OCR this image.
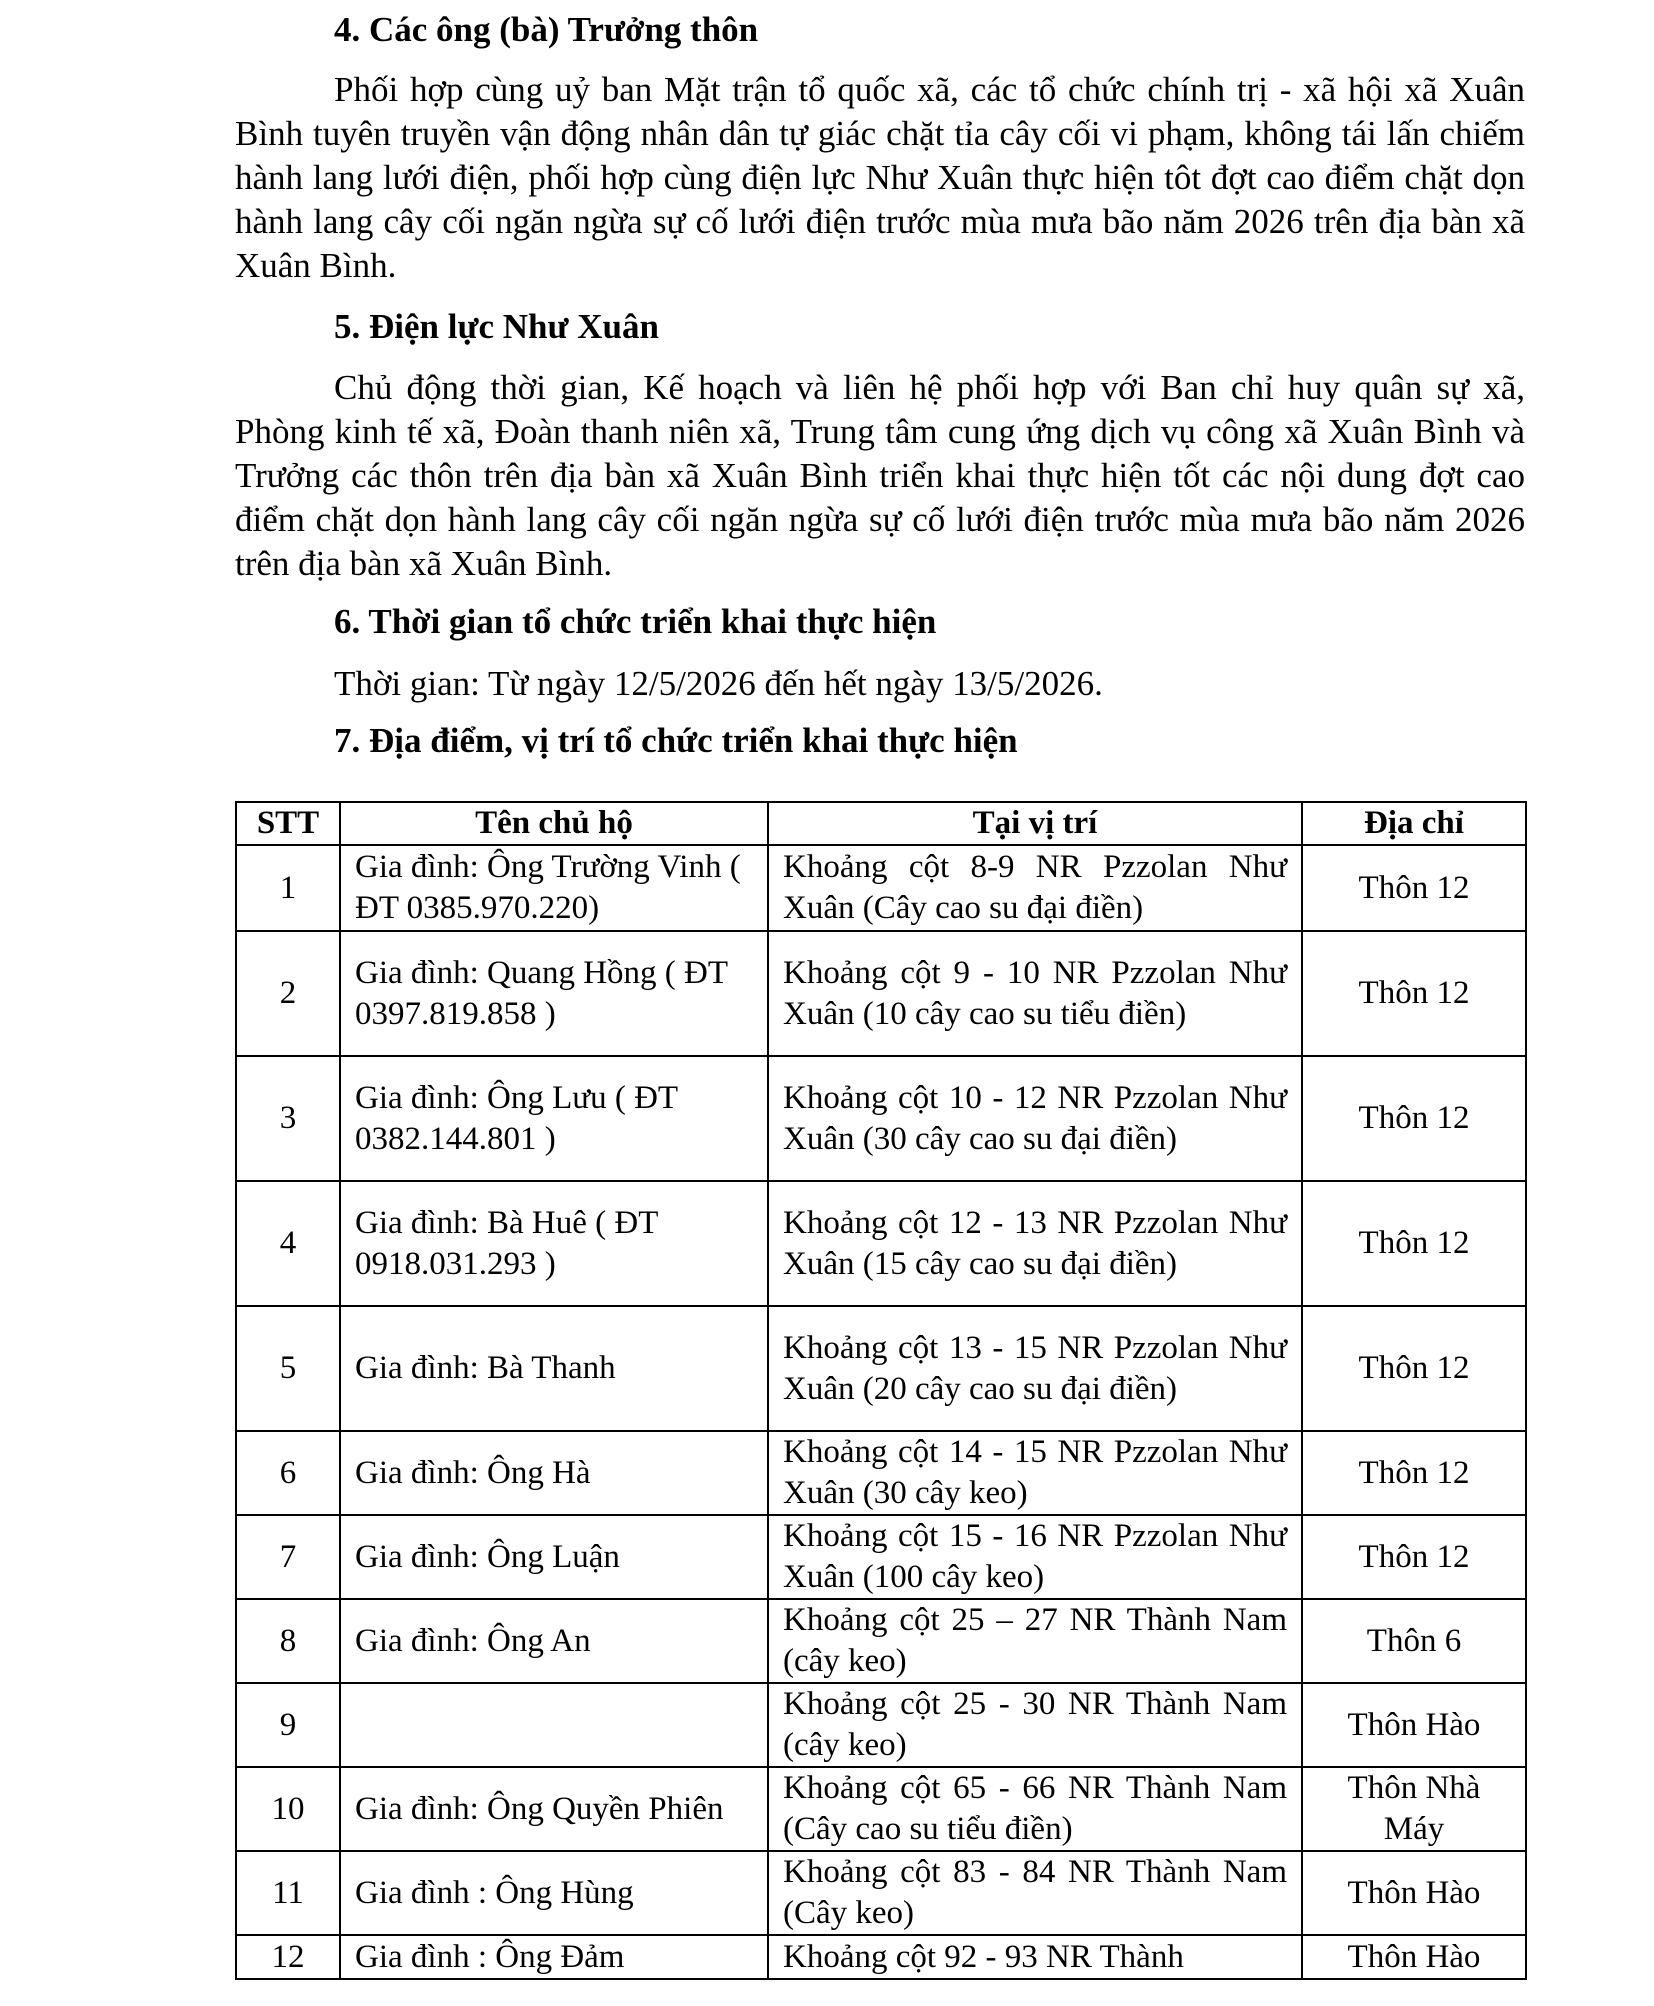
4. Các ông (bà) Trưởng thôn

Phối hợp cùng uỷ ban Mặt trận tổ quốc xã, các tổ chức chính trị - xã hội xã Xuân Bình tuyên truyền vận động nhân dân tự giác chặt tỉa cây cối vi phạm, không tái lấn chiếm hành lang lưới điện, phối hợp cùng điện lực Như Xuân thực hiện tôt đợt cao điểm chặt dọn hành lang cây cối ngăn ngừa sự cố lưới điện trước mùa mưa bão năm 2026 trên địa bàn xã Xuân Bình.

5. Điện lực Như Xuân

Chủ động thời gian, Kế hoạch và liên hệ phối hợp với Ban chỉ huy quân sự xã, Phòng kinh tế xã, Đoàn thanh niên xã, Trung tâm cung ứng dịch vụ công xã Xuân Bình và Trưởng các thôn trên địa bàn xã Xuân Bình triển khai thực hiện tốt các nội dung đợt cao điểm chặt dọn hành lang cây cối ngăn ngừa sự cố lưới điện trước mùa mưa bão năm 2026 trên địa bàn xã Xuân Bình.

6. Thời gian tổ chức triển khai thực hiện

Thời gian: Từ ngày 12/5/2026 đến hết ngày 13/5/2026.

7. Địa điểm, vị trí tổ chức triển khai thực hiện

STT	Tên chủ hộ	Tại vị trí	Địa chỉ
1	Gia đình: Ông Trường Vinh ( ĐT 0385.970.220)	Khoảng cột 8-9 NR Pzzolan Như Xuân (Cây cao su đại điền)	Thôn 12
2	Gia đình: Quang Hồng ( ĐT 0397.819.858 )	Khoảng cột 9 - 10 NR Pzzolan Như Xuân (10 cây cao su tiểu điền)	Thôn 12
3	Gia đình: Ông Lưu ( ĐT 0382.144.801 )	Khoảng cột 10 - 12 NR Pzzolan Như Xuân (30 cây cao su đại điền)	Thôn 12
4	Gia đình: Bà Huê ( ĐT 0918.031.293 )	Khoảng cột 12 - 13 NR Pzzolan Như Xuân (15 cây cao su đại điền)	Thôn 12
5	Gia đình: Bà Thanh	Khoảng cột 13 - 15 NR Pzzolan Như Xuân (20 cây cao su đại điền)	Thôn 12
6	Gia đình: Ông Hà	Khoảng cột 14 - 15 NR Pzzolan Như Xuân (30 cây keo)	Thôn 12
7	Gia đình: Ông Luận	Khoảng cột 15 - 16 NR Pzzolan Như Xuân (100 cây keo)	Thôn 12
8	Gia đình: Ông An	Khoảng cột 25 – 27 NR Thành Nam (cây keo)	Thôn 6
9		Khoảng cột 25 - 30 NR Thành Nam (cây keo)	Thôn Hào
10	Gia đình: Ông Quyền Phiên	Khoảng cột 65 - 66 NR Thành Nam (Cây cao su tiểu điền)	Thôn Nhà Máy
11	Gia đình : Ông Hùng	Khoảng cột 83 - 84 NR Thành Nam (Cây keo)	Thôn Hào
12	Gia đình : Ông Đảm	Khoảng cột 92 - 93 NR Thành	Thôn Hào
